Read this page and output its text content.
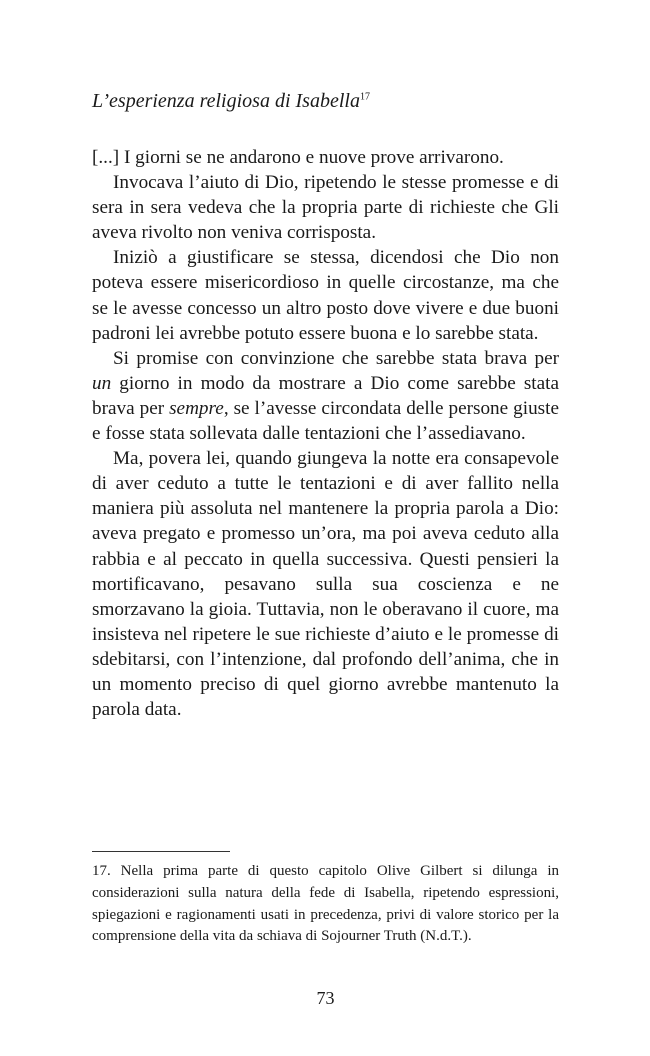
L’esperienza religiosa di Isabella$^{17}$

[...] I giorni se ne andarono e nuove prove arrivarono.

Invocava l’aiuto di Dio, ripetendo le stesse promesse e di sera in sera vedeva che la propria parte di richieste che Gli aveva rivolto non veniva corrisposta.

Iniziò a giustificare se stessa, dicendosi che Dio non poteva essere misericordioso in quelle circostanze, ma che se le avesse concesso un altro posto dove vivere e due buoni padroni lei avrebbe potuto essere buona e lo sarebbe stata.

Si promise con convinzione che sarebbe stata brava per un giorno in modo da mostrare a Dio come sarebbe stata brava per sempre, se l’avesse circondata delle persone giuste e fosse stata sollevata dalle tentazioni che l’assediavano.

Ma, povera lei, quando giungeva la notte era consapevole di aver ceduto a tutte le tentazioni e di aver fallito nella maniera più assoluta nel mantenere la propria parola a Dio: aveva pregato e promesso un’ora, ma poi aveva ceduto alla rabbia e al peccato in quella successiva. Questi pensieri la mortificavano, pesavano sulla sua coscienza e ne smorzavano la gioia. Tuttavia, non le oberavano il cuore, ma insisteva nel ripetere le sue richieste d’aiuto e le promesse di sdebitarsi, con l’intenzione, dal profondo dell’anima, che in un momento preciso di quel giorno avrebbe mantenuto la parola data.

17. Nella prima parte di questo capitolo Olive Gilbert si dilunga in considerazioni sulla natura della fede di Isabella, ripetendo espressioni, spiegazioni e ragionamenti usati in precedenza, privi di valore storico per la comprensione della vita da schiava di Sojourner Truth (N.d.T.).
73
